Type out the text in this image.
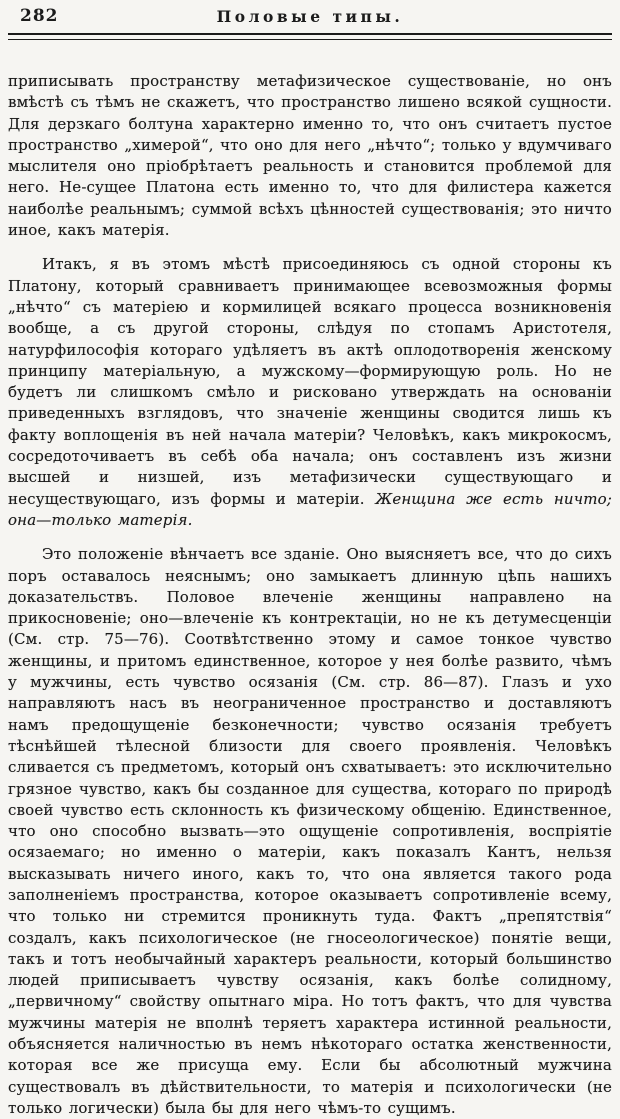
282	Половые типы.

приписывать пространству метафизическое существованіе, но онъ вмѣстѣ съ тѣмъ не скажетъ, что пространство лишено всякой сущности. Для дерзкаго болтуна характерно именно то, что онъ считаетъ пустое пространство „химерой“, что оно для него „нѣчто“; только у вдумчиваго мыслителя оно пріобрѣтаетъ реальность и становится проблемой для него. Не-сущее Платона есть именно то, что для филистера кажется наиболѣе реальнымъ; суммой всѣхъ цѣнностей существованія; это ничто иное, какъ матерія.

Итакъ, я въ этомъ мѣстѣ присоединяюсь съ одной стороны къ Платону, который сравниваетъ принимающее всевозможныя формы „нѣчто“ съ матеріею и кормилицей всякаго процесса возникновенія вообще, а съ другой стороны, слѣдуя по стопамъ Аристотеля, натурфилософія котораго удѣляетъ въ актѣ оплодотворенія женскому принципу матеріальную, а мужскому—формирующую роль. Но не будетъ ли слишкомъ смѣло и рисковано утверждать на основаніи приведенныхъ взглядовъ, что значеніе женщины сводится лишь къ факту воплощенія въ ней начала матеріи? Человѣкъ, какъ микрокосмъ, сосредоточиваетъ въ себѣ оба начала; онъ составленъ изъ жизни высшей и низшей, изъ метафизически существующаго и несуществующаго, изъ формы и матеріи. Женщина же есть ничто; она—только матерія.

Это положеніе вѣнчаетъ все зданіе. Оно выясняетъ все, что до сихъ поръ оставалось неяснымъ; оно замыкаетъ длинную цѣпь нашихъ доказательствъ. Половое влеченіе женщины направлено на прикосновеніе; оно—влеченіе къ контректаціи, но не къ детумесценціи (См. стр. 75—76). Соотвѣтственно этому и самое тонкое чувство женщины, и притомъ единственное, которое у нея болѣе развито, чѣмъ у мужчины, есть чувство осязанія (См. стр. 86—87). Глазъ и ухо направляютъ насъ въ неограниченное пространство и доставляютъ намъ предощущеніе безконечности; чувство осязанія требуетъ тѣснѣйшей тѣлесной близости для своего проявленія. Человѣкъ сливается съ предметомъ, который онъ схватываетъ: это исключительно грязное чувство, какъ бы созданное для существа, котораго по природѣ своей чувство есть склонность къ физическому общенію. Единственное, что оно способно вызвать—это ощущеніе сопротивленія, воспріятіе осязаемаго; но именно о матеріи, какъ показалъ Кантъ, нельзя высказывать ничего иного, какъ то, что она является такого рода заполненіемъ пространства, которое оказываетъ сопротивленіе всему, что только ни стремится проникнуть туда. Фактъ „препятствія“ создалъ, какъ психологическое (не гносеологическое) понятіе вещи, такъ и тотъ необычайный характеръ реальности, который большинство людей приписываетъ чувству осязанія, какъ болѣе солидному, „первичному“ свойству опытнаго міра. Но тотъ фактъ, что для чувства мужчины матерія не вполнѣ теряетъ характера истинной реальности, объясняется наличностью въ немъ нѣкотораго остатка женственности, которая все же присуща ему. Если бы абсолютный мужчина существовалъ въ дѣйствительности, то матерія и психологически (не только логически) была бы для него чѣмъ-то сущимъ.
